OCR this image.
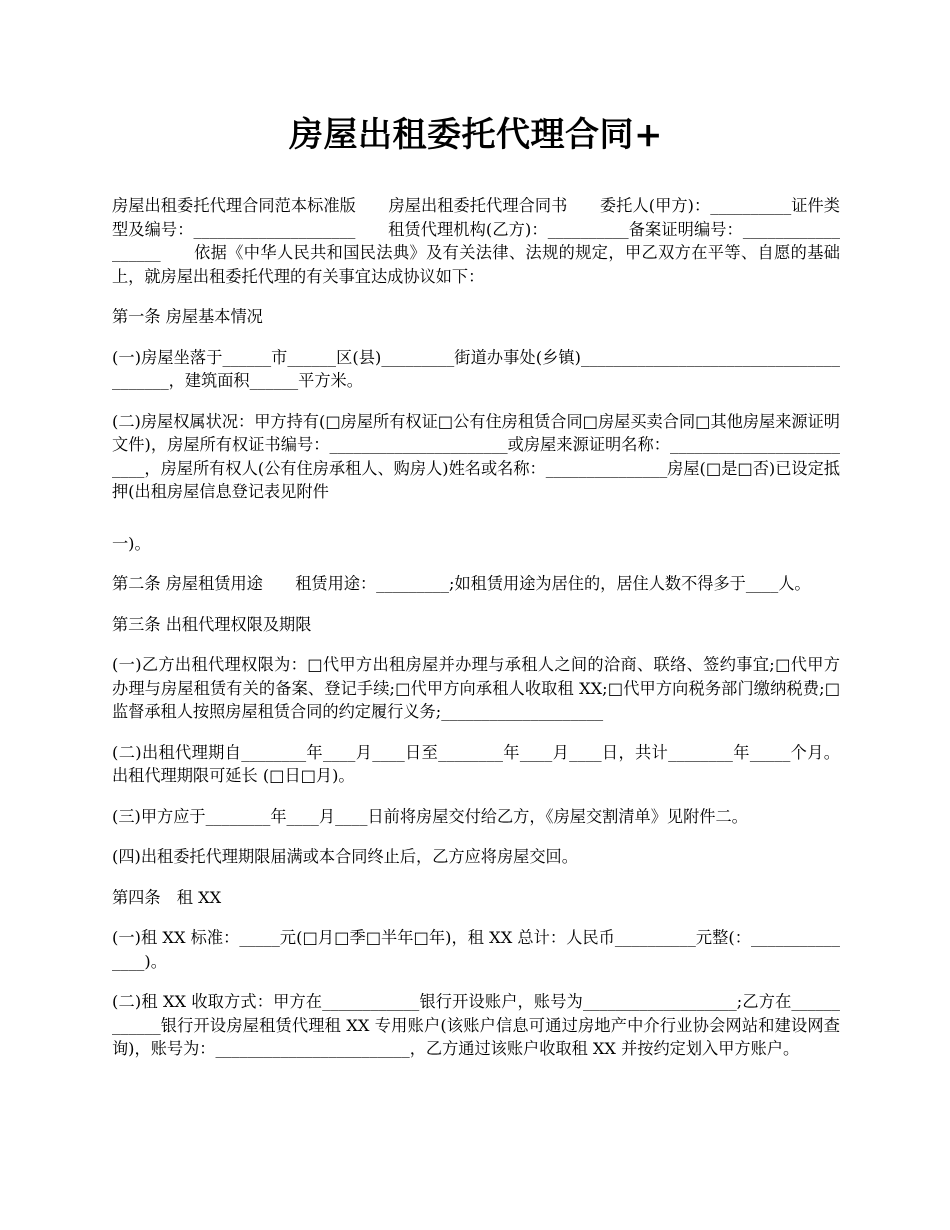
房屋出租委托代理合同+

房屋出租委托代理合同范本标准版　　房屋出租委托代理合同书　　委托人(甲方)：__________证件类型及编号：____________________　　租赁代理机构(乙方)：__________备案证明编号：__________________　　依据《中华人民共和国民法典》及有关法律、法规的规定，甲乙双方在平等、自愿的基础上，就房屋出租委托代理的有关事宜达成协议如下：

第一条 房屋基本情况

(一)房屋坐落于______市______区(县)_________街道办事处(乡镇)_______________________________________，建筑面积______平方米。

(二)房屋权属状况：甲方持有(□房屋所有权证□公有住房租赁合同□房屋买卖合同□其他房屋来源证明文件)，房屋所有权证书编号：______________________或房屋来源证明名称：_________________________，房屋所有权人(公有住房承租人、购房人)姓名或名称：_______________房屋(□是□否)已设定抵押(出租房屋信息登记表见附件

一)。

第二条 房屋租赁用途　　租赁用途：_________;如租赁用途为居住的，居住人数不得多于____人。

第三条 出租代理权限及期限

(一)乙方出租代理权限为：□代甲方出租房屋并办理与承租人之间的洽商、联络、签约事宜;□代甲方办理与房屋租赁有关的备案、登记手续;□代甲方向承租人收取租 XX;□代甲方向税务部门缴纳税费;□监督承租人按照房屋租赁合同的约定履行义务;____________________

(二)出租代理期自________年____月____日至________年____月____日，共计________年_____个月。出租代理期限可延长 (□日□月)。

(三)甲方应于________年____月____日前将房屋交付给乙方，《房屋交割清单》见附件二。

(四)出租委托代理期限届满或本合同终止后，乙方应将房屋交回。

第四条　租 XX

(一)租 XX 标准：_____元(□月□季□半年□年)，租 XX 总计：人民币__________元整(：_______________)。

(二)租 XX 收取方式：甲方在____________银行开设账户，账号为___________________;乙方在____________银行开设房屋租赁代理租 XX 专用账户(该账户信息可通过房地产中介行业协会网站和建设网查询)，账号为：________________________，乙方通过该账户收取租 XX 并按约定划入甲方账户。
